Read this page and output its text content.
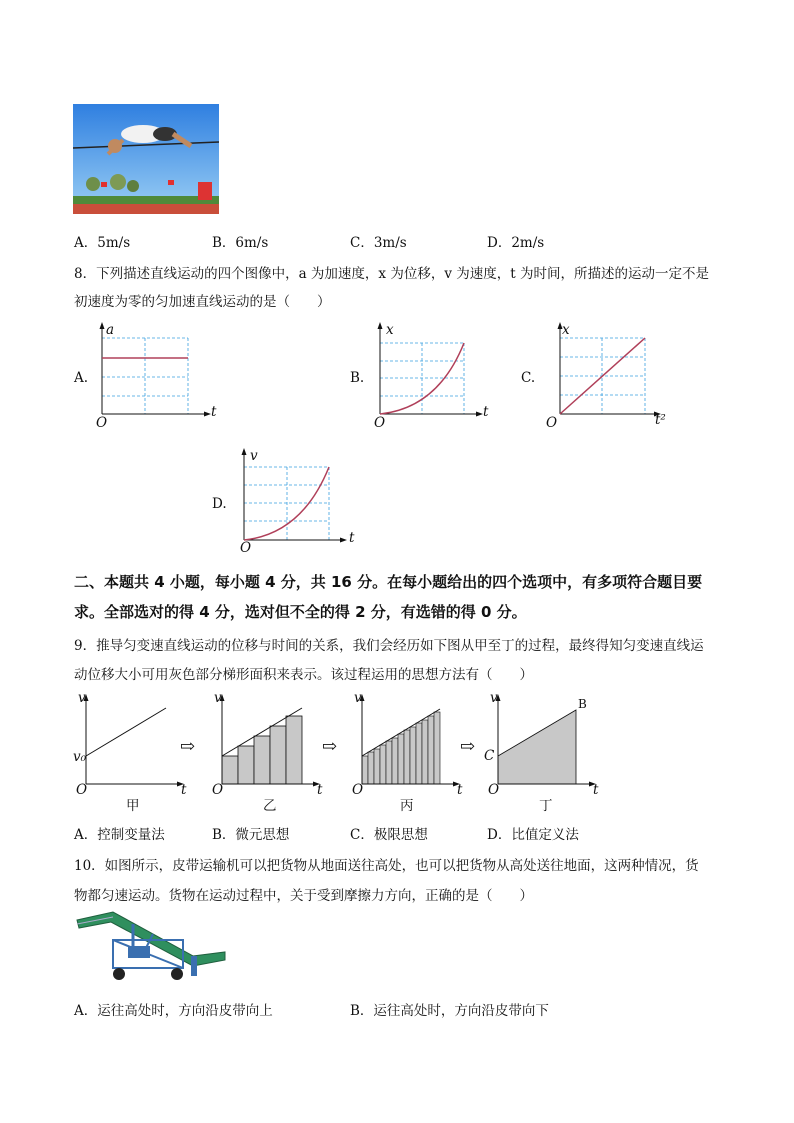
A．5m/s	B．6m/s	C．3m/s	D．2m/s
8．下列描述直线运动的四个图像中，a 为加速度，x 为位移，v 为速度，t 为时间，所描述的运动一定不是
初速度为零的匀加速直线运动的是（　　）
A.
a
t
O
B.
x
t
O
C.
x
t²
O
D.
v
t
O
二、本题共 4 小题，每小题 4 分，共 16 分。在每小题给出的四个选项中，有多项符合题目要
求。全部选对的得 4 分，选对但不全的得 2 分，有选错的得 0 分。
9．推导匀变速直线运动的位移与时间的关系，我们会经历如下图从甲至丁的过程，最终得知匀变速直线运
动位移大小可用灰色部分梯形面积来表示。该过程运用的思想方法有（　　）
v
v₀
O	t
甲
⇨
v
O	t
乙
⇨
v
O	t
丙
⇨
v
C
B
O	t
丁
A．控制变量法	B．微元思想	C．极限思想	D．比值定义法
10．如图所示，皮带运输机可以把货物从地面送往高处，也可以把货物从高处送往地面，这两种情况，货
物都匀速运动。货物在运动过程中，关于受到摩擦力方向，正确的是（　　）
A．运往高处时，方向沿皮带向上	B．运往高处时，方向沿皮带向下
